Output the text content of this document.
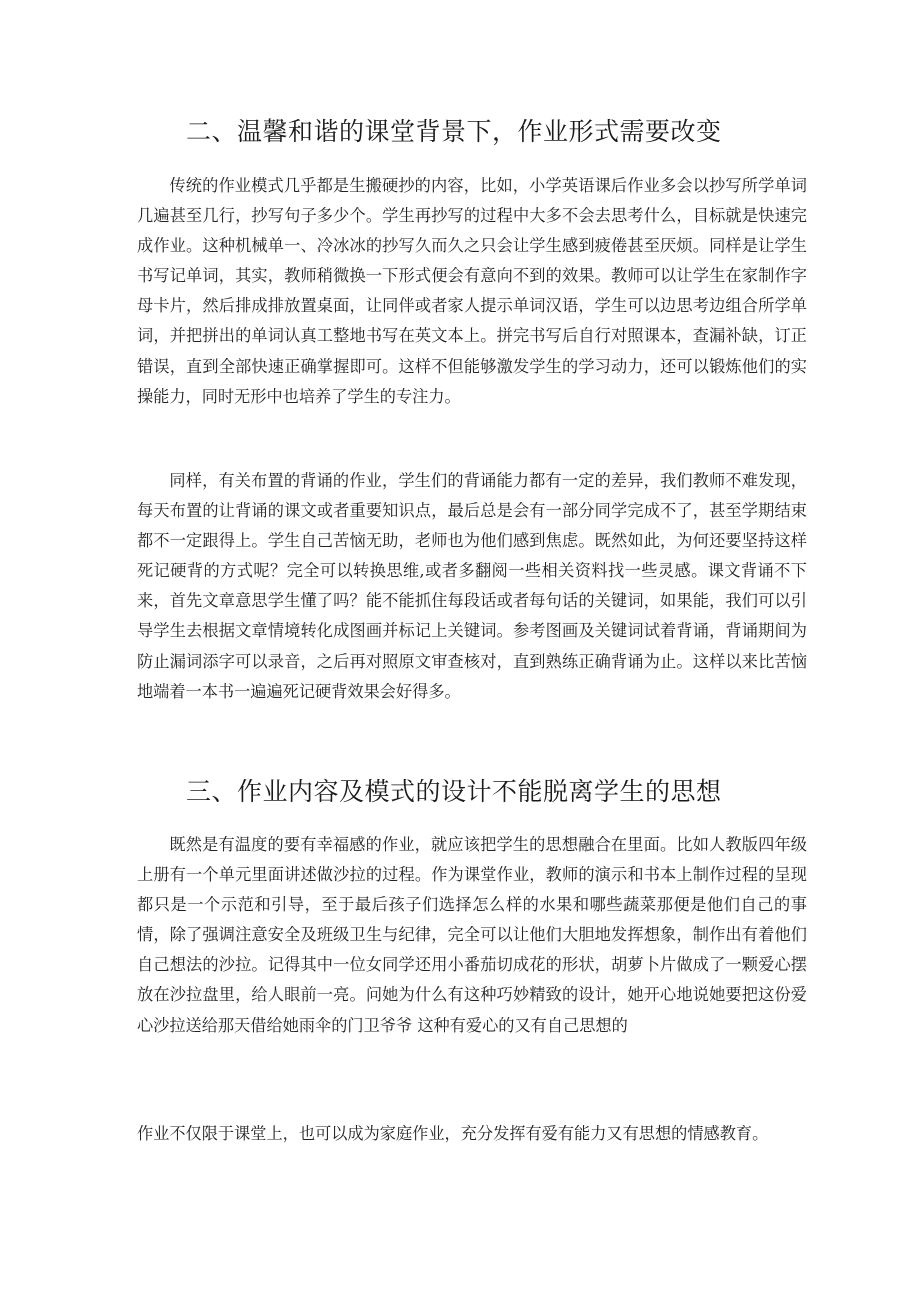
二、温馨和谐的课堂背景下，作业形式需要改变

传统的作业模式几乎都是生搬硬抄的内容，比如，小学英语课后作业多会以抄写所学单词几遍甚至几行，抄写句子多少个。学生再抄写的过程中大多不会去思考什么，目标就是快速完成作业。这种机械单一、冷冰冰的抄写久而久之只会让学生感到疲倦甚至厌烦。同样是让学生书写记单词，其实，教师稍微换一下形式便会有意向不到的效果。教师可以让学生在家制作字母卡片，然后排成排放置桌面，让同伴或者家人提示单词汉语，学生可以边思考边组合所学单词，并把拼出的单词认真工整地书写在英文本上。拼完书写后自行对照课本，查漏补缺，订正错误，直到全部快速正确掌握即可。这样不但能够激发学生的学习动力，还可以锻炼他们的实操能力，同时无形中也培养了学生的专注力。

同样，有关布置的背诵的作业，学生们的背诵能力都有一定的差异，我们教师不难发现，每天布置的让背诵的课文或者重要知识点，最后总是会有一部分同学完成不了，甚至学期结束都不一定跟得上。学生自己苦恼无助，老师也为他们感到焦虑。既然如此，为何还要坚持这样死记硬背的方式呢？完全可以转换思维,或者多翻阅一些相关资料找一些灵感。课文背诵不下来，首先文章意思学生懂了吗？能不能抓住每段话或者每句话的关键词，如果能，我们可以引导学生去根据文章情境转化成图画并标记上关键词。参考图画及关键词试着背诵，背诵期间为防止漏词添字可以录音，之后再对照原文审查核对，直到熟练正确背诵为止。这样以来比苦恼地端着一本书一遍遍死记硬背效果会好得多。

三、作业内容及模式的设计不能脱离学生的思想

既然是有温度的要有幸福感的作业，就应该把学生的思想融合在里面。比如人教版四年级上册有一个单元里面讲述做沙拉的过程。作为课堂作业，教师的演示和书本上制作过程的呈现都只是一个示范和引导，至于最后孩子们选择怎么样的水果和哪些蔬菜那便是他们自己的事情，除了强调注意安全及班级卫生与纪律，完全可以让他们大胆地发挥想象，制作出有着他们自己想法的沙拉。记得其中一位女同学还用小番茄切成花的形状，胡萝卜片做成了一颗爱心摆放在沙拉盘里，给人眼前一亮。问她为什么有这种巧妙精致的设计，她开心地说她要把这份爱心沙拉送给那天借给她雨伞的门卫爷爷 这种有爱心的又有自己思想的

作业不仅限于课堂上，也可以成为家庭作业，充分发挥有爱有能力又有思想的情感教育。
